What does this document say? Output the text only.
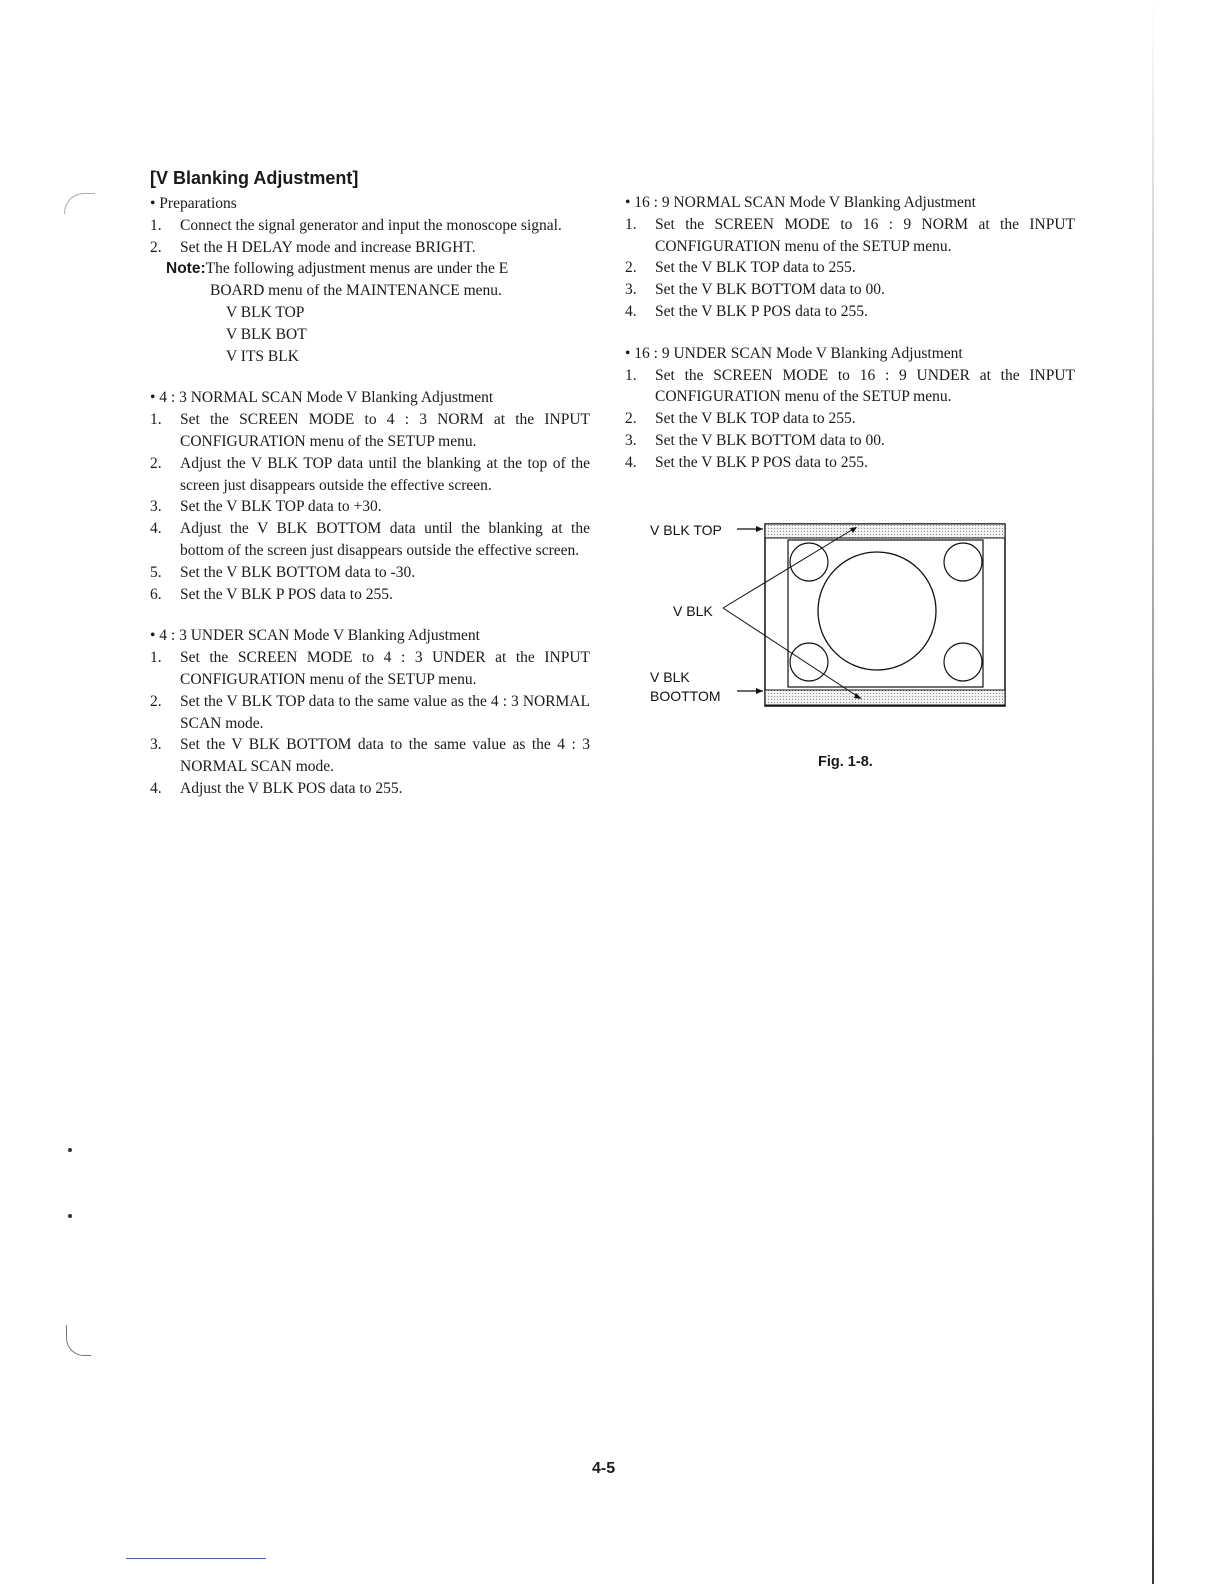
[V Blanking Adjustment]
• Preparations
1.	Connect the signal generator and input the monoscope signal.
2.	Set the H DELAY mode and increase BRIGHT.
Note:The following adjustment menus are under the E
BOARD menu of the MAINTENANCE menu.
V BLK TOP
V BLK BOT
V ITS BLK
• 4 : 3 NORMAL SCAN Mode V Blanking Adjustment
1.	Set the SCREEN MODE to 4 : 3 NORM at the INPUT CONFIGURATION menu of the SETUP menu.
2.	Adjust the V BLK TOP data until the blanking at the top of the screen just disappears outside the effective screen.
3.	Set the V BLK TOP data to +30.
4.	Adjust the V BLK BOTTOM data until the blanking at the bottom of the screen just disappears outside the effective screen.
5.	Set the V BLK BOTTOM data to -30.
6.	Set the V BLK P POS data to 255.
• 4 : 3 UNDER SCAN Mode V Blanking Adjustment
1.	Set the SCREEN MODE to 4 : 3 UNDER at the INPUT CONFIGURATION menu of the SETUP menu.
2.	Set the V BLK TOP data to the same value as the 4 : 3 NORMAL SCAN mode.
3.	Set the V BLK BOTTOM data to the same value as the 4 : 3 NORMAL SCAN mode.
4.	Adjust the V BLK POS data to 255.
• 16 : 9 NORMAL SCAN Mode V Blanking Adjustment
1.	Set the SCREEN MODE to 16 : 9 NORM at the INPUT CONFIGURATION menu of the SETUP menu.
2.	Set the V BLK TOP data to 255.
3.	Set the V BLK BOTTOM data to 00.
4.	Set the V BLK P POS data to 255.
• 16 : 9 UNDER SCAN Mode V Blanking Adjustment
1.	Set the SCREEN MODE to 16 : 9 UNDER at the INPUT CONFIGURATION menu of the SETUP menu.
2.	Set the V BLK TOP data to 255.
3.	Set the V BLK BOTTOM data to 00.
4.	Set the V BLK P POS data to 255.
V BLK TOP
V BLK
V BLK
BOOTTOM
Fig. 1-8.
4-5
